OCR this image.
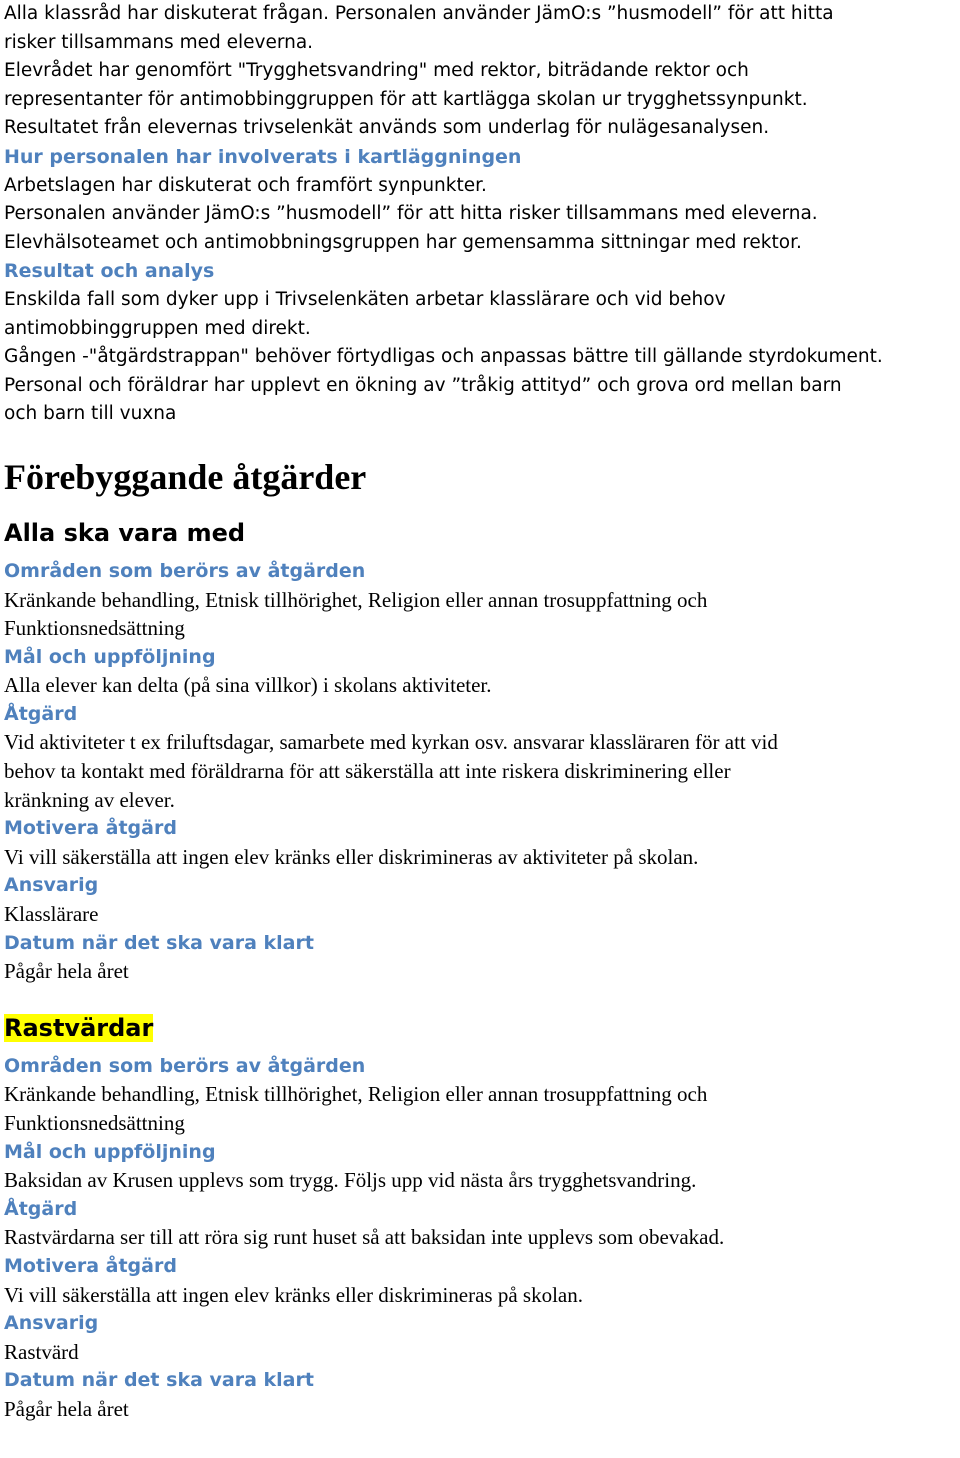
Alla klassråd har diskuterat frågan. Personalen använder JämO:s ”husmodell” för att hitta

risker tillsammans med eleverna.

Elevrådet har genomfört "Trygghetsvandring" med rektor, biträdande rektor och

representanter för antimobbinggruppen för att kartlägga skolan ur trygghetssynpunkt.

Resultatet från elevernas trivselenkät används som underlag för nulägesanalysen.

Hur personalen har involverats i kartläggningen

Arbetslagen har diskuterat och framfört synpunkter.

Personalen använder JämO:s ”husmodell” för att hitta risker tillsammans med eleverna.

Elevhälsoteamet och antimobbningsgruppen har gemensamma sittningar med rektor.

Resultat och analys

Enskilda fall som dyker upp i Trivselenkäten arbetar klasslärare och vid behov

antimobbinggruppen med direkt.

Gången -"åtgärdstrappan" behöver förtydligas och anpassas bättre till gällande styrdokument.

Personal och föräldrar har upplevt en ökning av ”tråkig attityd” och grova ord mellan barn

och barn till vuxna

Förebyggande åtgärder
Alla ska vara med

Områden som berörs av åtgärden

Kränkande behandling, Etnisk tillhörighet, Religion eller annan trosuppfattning och

Funktionsnedsättning

Mål och uppföljning

Alla elever kan delta (på sina villkor) i skolans aktiviteter.

Åtgärd

Vid aktiviteter t ex friluftsdagar, samarbete med kyrkan osv. ansvarar klassläraren för att vid

behov ta kontakt med föräldrarna för att säkerställa att inte riskera diskriminering eller

kränkning av elever.

Motivera åtgärd

Vi vill säkerställa att ingen elev kränks eller diskrimineras av aktiviteter på skolan.

Ansvarig

Klasslärare

Datum när det ska vara klart

Pågår hela året

Rastvärdar

Områden som berörs av åtgärden

Kränkande behandling, Etnisk tillhörighet, Religion eller annan trosuppfattning och

Funktionsnedsättning

Mål och uppföljning

Baksidan av Krusen upplevs som trygg. Följs upp vid nästa års trygghetsvandring.

Åtgärd

Rastvärdarna ser till att röra sig runt huset så att baksidan inte upplevs som obevakad.

Motivera åtgärd

Vi vill säkerställa att ingen elev kränks eller diskrimineras på skolan.

Ansvarig

Rastvärd

Datum när det ska vara klart

Pågår hela året
